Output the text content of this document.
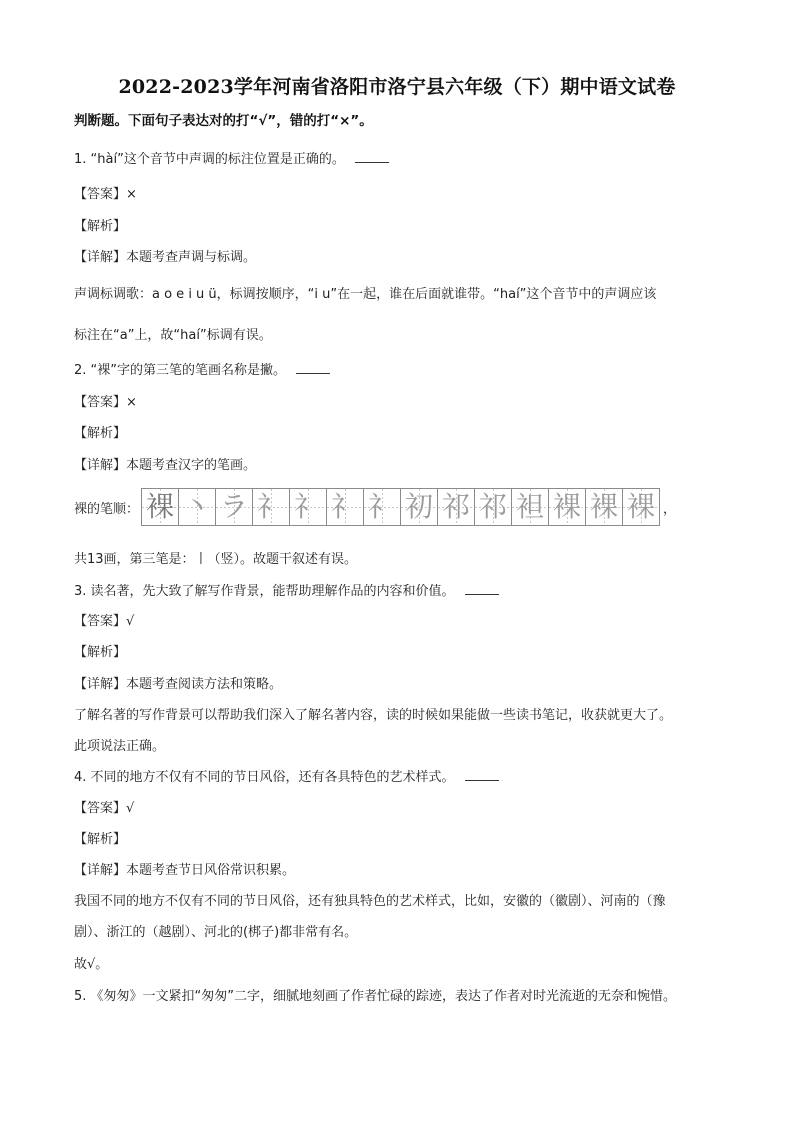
2022-2023学年河南省洛阳市洛宁县六年级（下）期中语文试卷
判断题。下面句子表达对的打“√”，错的打“×”。
1. “hàí”这个音节中声调的标注位置是正确的。
【答案】×
【解析】
【详解】本题考查声调与标调。
声调标调歌：a o e i u ü，标调按顺序，“i u”在一起，谁在后面就谁带。“haí”这个音节中的声调应该
标注在“a”上，故“haí”标调有误。
2. “裸”字的第三笔的笔画名称是撇。
【答案】×
【解析】
【详解】本题考查汉字的笔画。
裸的笔顺： 裸 丶 ラ 礻 礻 礻 礻 初 祁 祁 袒 裸 裸 裸 ，
共13画，第三笔是：丨（竖）。故题干叙述有误。
3. 读名著，先大致了解写作背景，能帮助理解作品的内容和价值。
【答案】√
【解析】
【详解】本题考查阅读方法和策略。
了解名著的写作背景可以帮助我们深入了解名著内容，读的时候如果能做一些读书笔记，收获就更大了。
此项说法正确。
4. 不同的地方不仅有不同的节日风俗，还有各具特色的艺术样式。
【答案】√
【解析】
【详解】本题考查节日风俗常识积累。
我国不同的地方不仅有不同的节日风俗，还有独具特色的艺术样式，比如，安徽的（徽剧）、河南的（豫
剧）、浙江的（越剧）、河北的(梆子)都非常有名。
故√。
5. 《匆匆》一文紧扣“匆匆”二字，细腻地刻画了作者忙碌的踪迹，表达了作者对时光流逝的无奈和惋惜。
